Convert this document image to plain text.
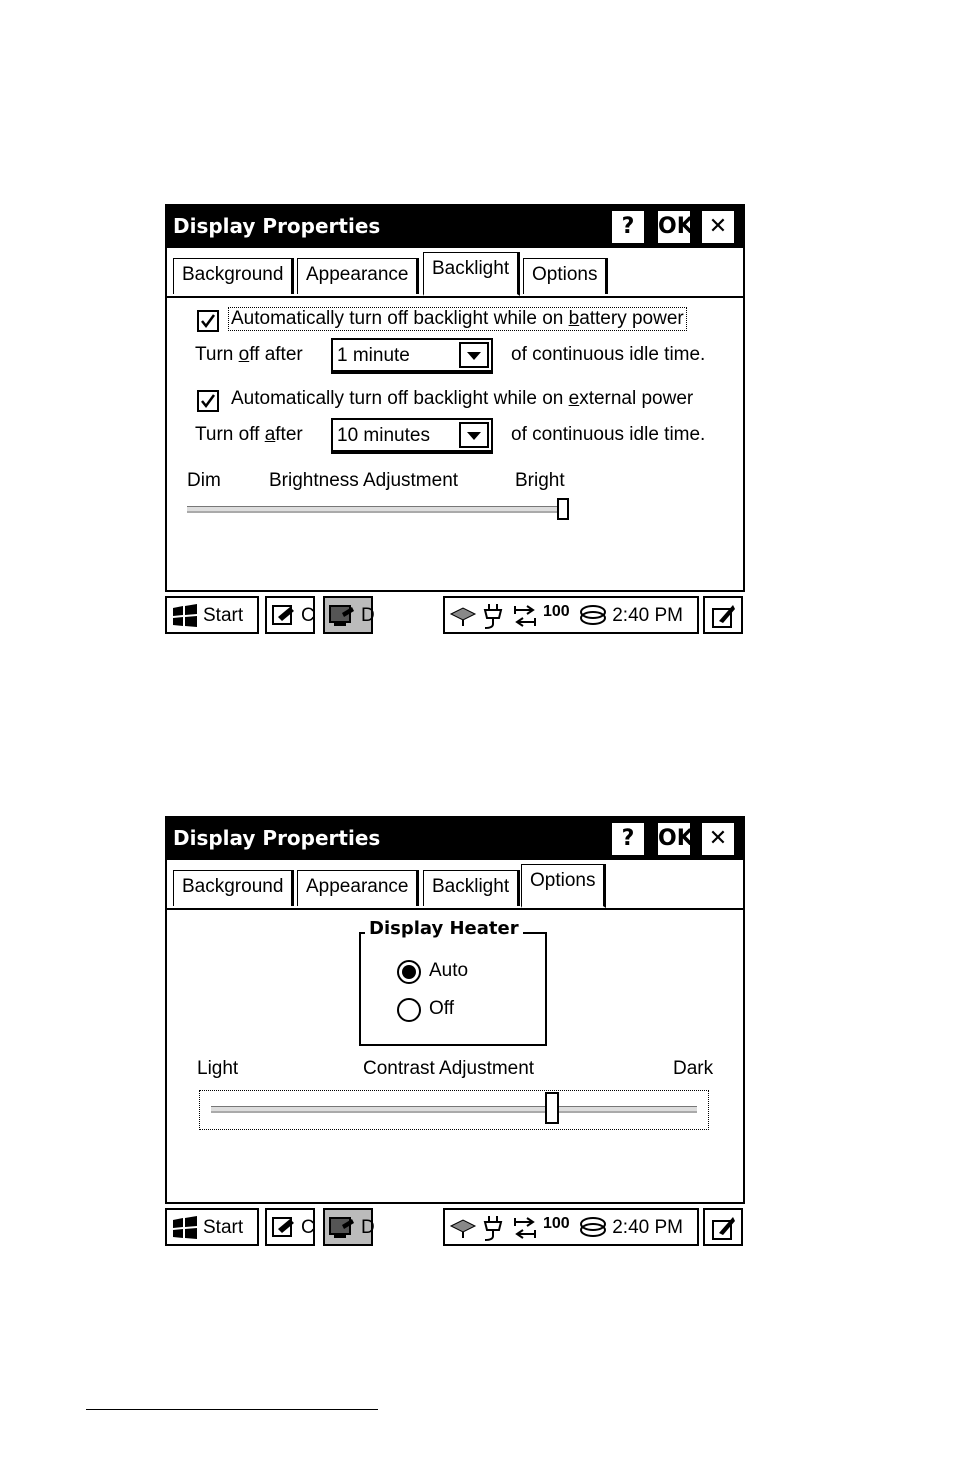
Display Properties	?	OK ✕
Background	Appearance	Backlight	Options
Automatically turn off backlight while on battery power
Turn off after 1 minute	of continuous idle time.
Automatically turn off backlight while on external power
Turn off after 10 minutes	of continuous idle time.
Dim	Brightness Adjustment	Bright
Start	C D	100 2:40 PM
Display Properties	?	OK ✕
Background	Appearance	Backlight	Options
Display Heater
Auto
Off
Light	Contrast Adjustment	Dark
Start	C D	100 2:40 PM
